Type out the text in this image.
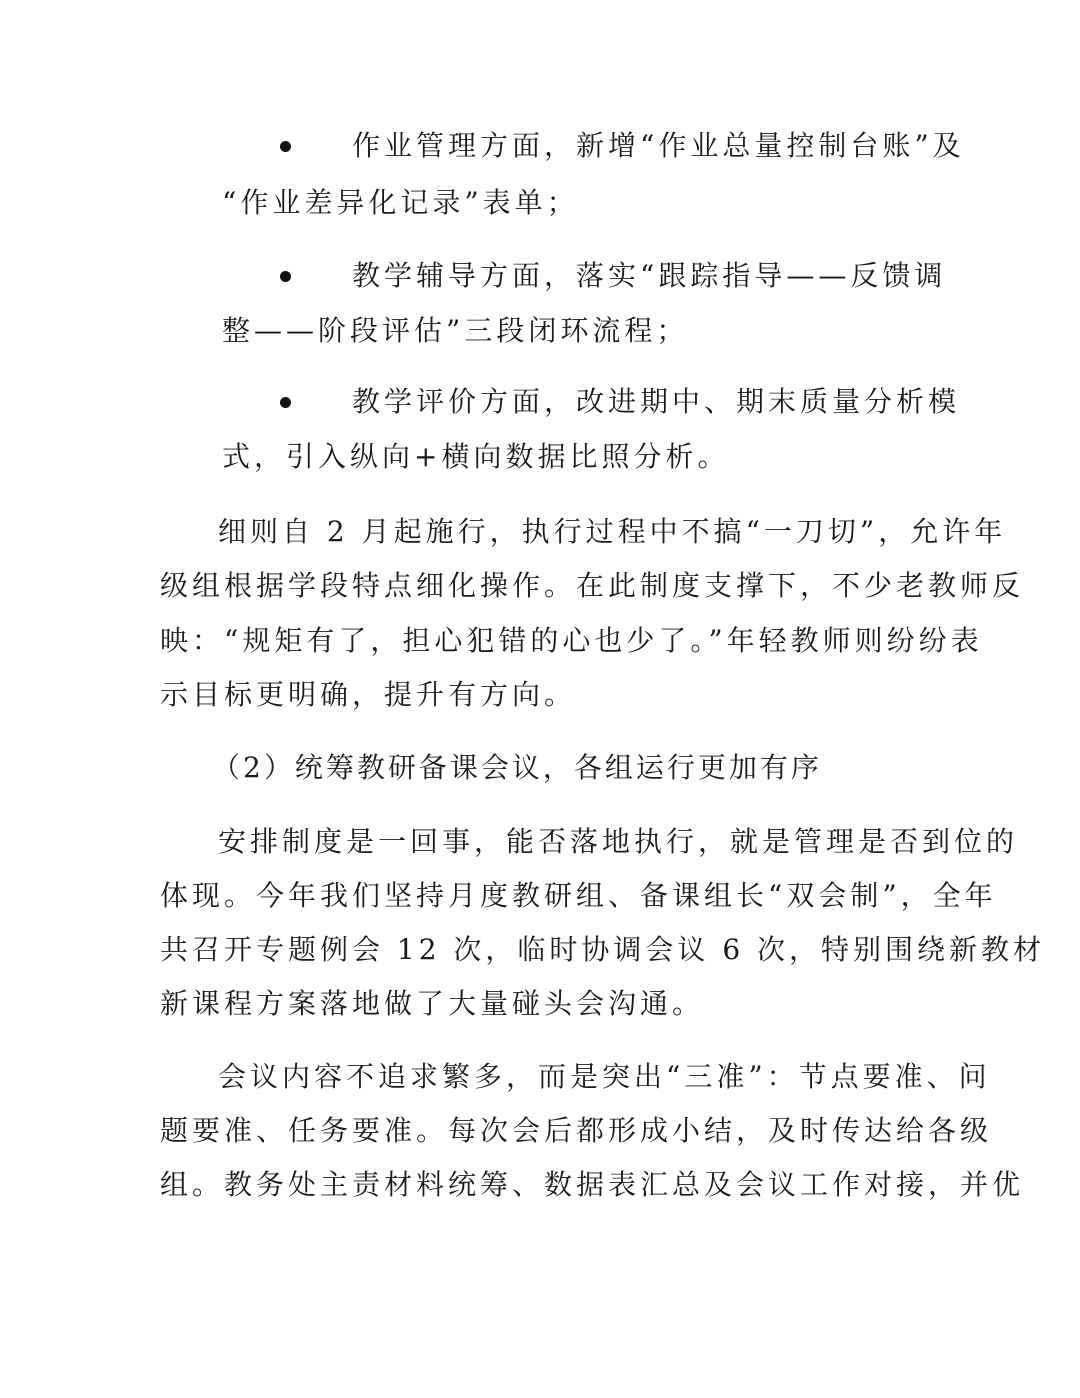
作业管理方面，新增“作业总量控制台账”及
“作业差异化记录”表单；
教学辅导方面，落实“跟踪指导——反馈调
整——阶段评估”三段闭环流程；
教学评价方面，改进期中、期末质量分析模
式，引入纵向+横向数据比照分析。
细则自 2 月起施行，执行过程中不搞“一刀切”，允许年
级组根据学段特点细化操作。在此制度支撑下，不少老教师反
映：“规矩有了，担心犯错的心也少了。”年轻教师则纷纷表
示目标更明确，提升有方向。
（2）统筹教研备课会议，各组运行更加有序
安排制度是一回事，能否落地执行，就是管理是否到位的
体现。今年我们坚持月度教研组、备课组长“双会制”，全年
共召开专题例会 12 次，临时协调会议 6 次，特别围绕新教材
新课程方案落地做了大量碰头会沟通。
会议内容不追求繁多，而是突出“三准”：节点要准、问
题要准、任务要准。每次会后都形成小结，及时传达给各级
组。教务处主责材料统筹、数据表汇总及会议工作对接，并优
